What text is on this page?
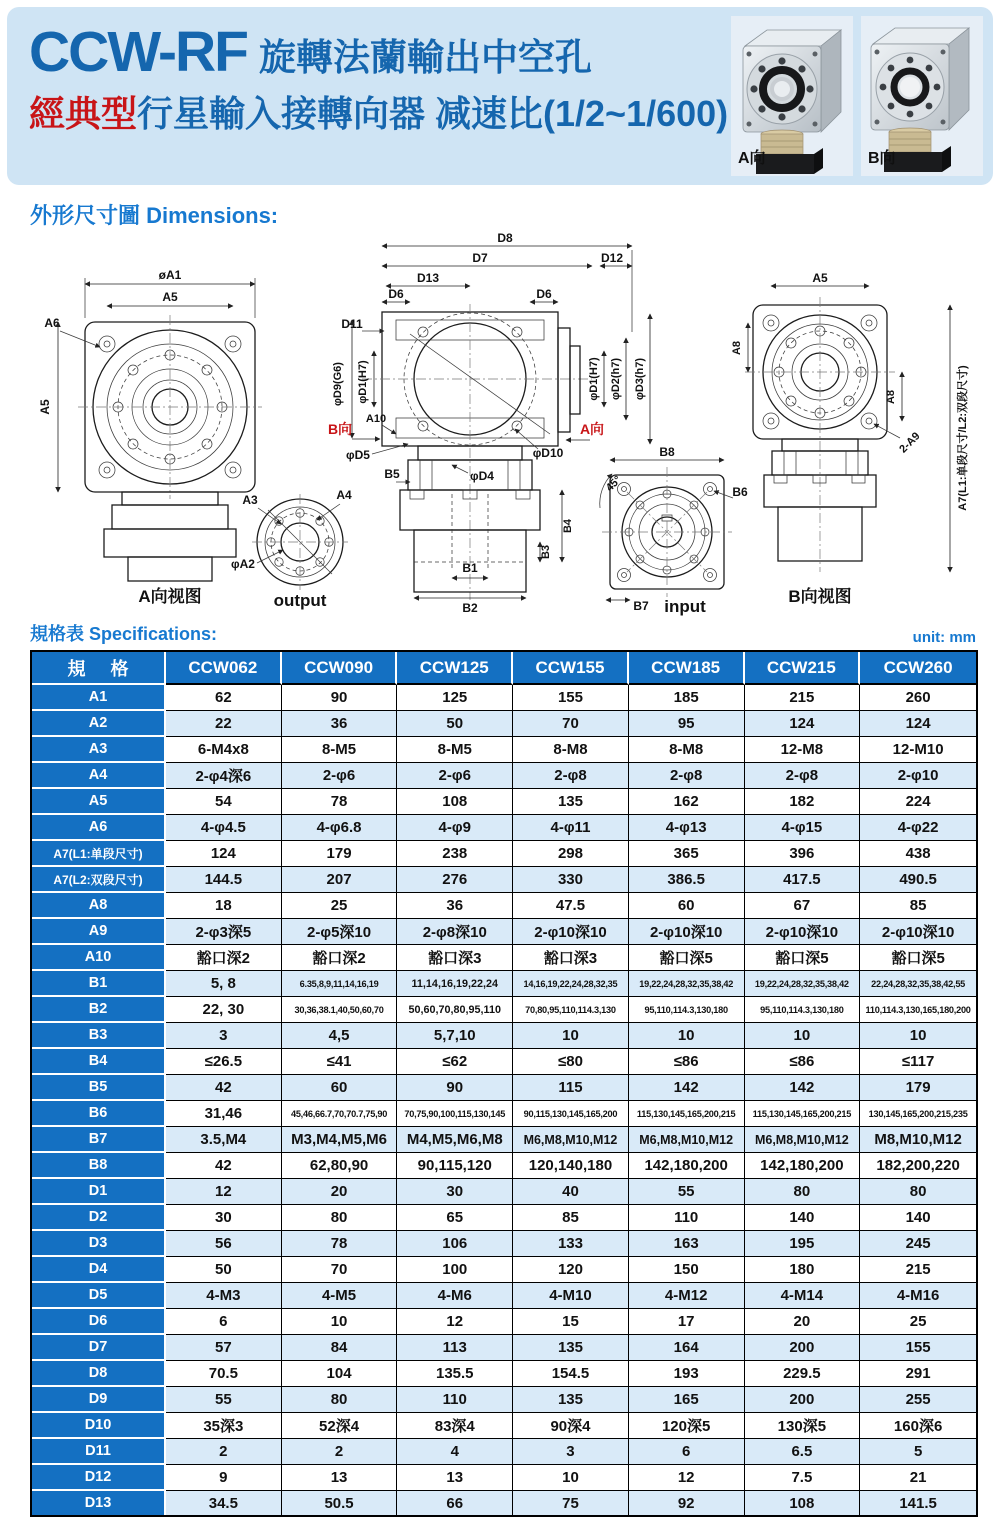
CCW-RF 旋轉法蘭輸出中空孔
經典型行星輸入接轉向器 减速比(1/2~1/600)
A向	B向
外形尺寸圖 Dimensions:
øA1
A5
A6
A5
A向视图
A3	A4
φA2
output
D8
D7	D12
D13
D6	D6
D11
φD9(G6) φD1(H7)
B向
A10
φD5
B5	φD4
φD10
A向
φD1(H7) φD2(h7) φD3(h7)
B1
B2
B3
B4
B8
B6
45°
B7 input
A5
A8
A8
2-A9	A7(L1:单段尺寸/L2:双段尺寸)
B向视图
規格表 Specifications:	unit: mm
規 格	CCW062	CCW090	CCW125	CCW155	CCW185	CCW215	CCW260
A1	62	90	125	155	185	215	260
A2	22	36	50	70	95	124	124
A3	6-M4x8	8-M5	8-M5	8-M8	8-M8	12-M8	12-M10
A4	2-φ4深6	2-φ6	2-φ6	2-φ8	2-φ8	2-φ8	2-φ10
A5	54	78	108	135	162	182	224
A6	4-φ4.5	4-φ6.8	4-φ9	4-φ11	4-φ13	4-φ15	4-φ22
A7(L1:单段尺寸)	124	179	238	298	365	396	438
A7(L2:双段尺寸)	144.5	207	276	330	386.5	417.5	490.5
A8	18	25	36	47.5	60	67	85
A9	2-φ3深5	2-φ5深10	2-φ8深10	2-φ10深10	2-φ10深10	2-φ10深10	2-φ10深10
A10	豁口深2	豁口深2	豁口深3	豁口深3	豁口深5	豁口深5	豁口深5
B1	5, 8	6.35,8,9,11,14,16,19	11,14,16,19,22,24	14,16,19,22,24,28,32,35	19,22,24,28,32,35,38,42	19,22,24,28,32,35,38,42	22,24,28,32,35,38,42,55
B2	22, 30	30,36,38.1,40,50,60,70	50,60,70,80,95,110	70,80,95,110,114.3,130	95,110,114.3,130,180	95,110,114.3,130,180	110,114.3,130,165,180,200
B3	3	4,5	5,7,10	10	10	10	10
B4	≤26.5	≤41	≤62	≤80	≤86	≤86	≤117
B5	42	60	90	115	142	142	179
B6	31,46	45,46,66.7,70,70.7,75,90	70,75,90,100,115,130,145	90,115,130,145,165,200	115,130,145,165,200,215	115,130,145,165,200,215	130,145,165,200,215,235
B7	3.5,M4	M3,M4,M5,M6	M4,M5,M6,M8	M6,M8,M10,M12	M6,M8,M10,M12	M6,M8,M10,M12	M8,M10,M12
B8	42	62,80,90	90,115,120	120,140,180	142,180,200	142,180,200	182,200,220
D1	12	20	30	40	55	80	80
D2	30	80	65	85	110	140	140
D3	56	78	106	133	163	195	245
D4	50	70	100	120	150	180	215
D5	4-M3	4-M5	4-M6	4-M10	4-M12	4-M14	4-M16
D6	6	10	12	15	17	20	25
D7	57	84	113	135	164	200	155
D8	70.5	104	135.5	154.5	193	229.5	291
D9	55	80	110	135	165	200	255
D10	35深3	52深4	83深4	90深4	120深5	130深5	160深6
D11	2	2	4	3	6	6.5	5
D12	9	13	13	10	12	7.5	21
D13	34.5	50.5	66	75	92	108	141.5
